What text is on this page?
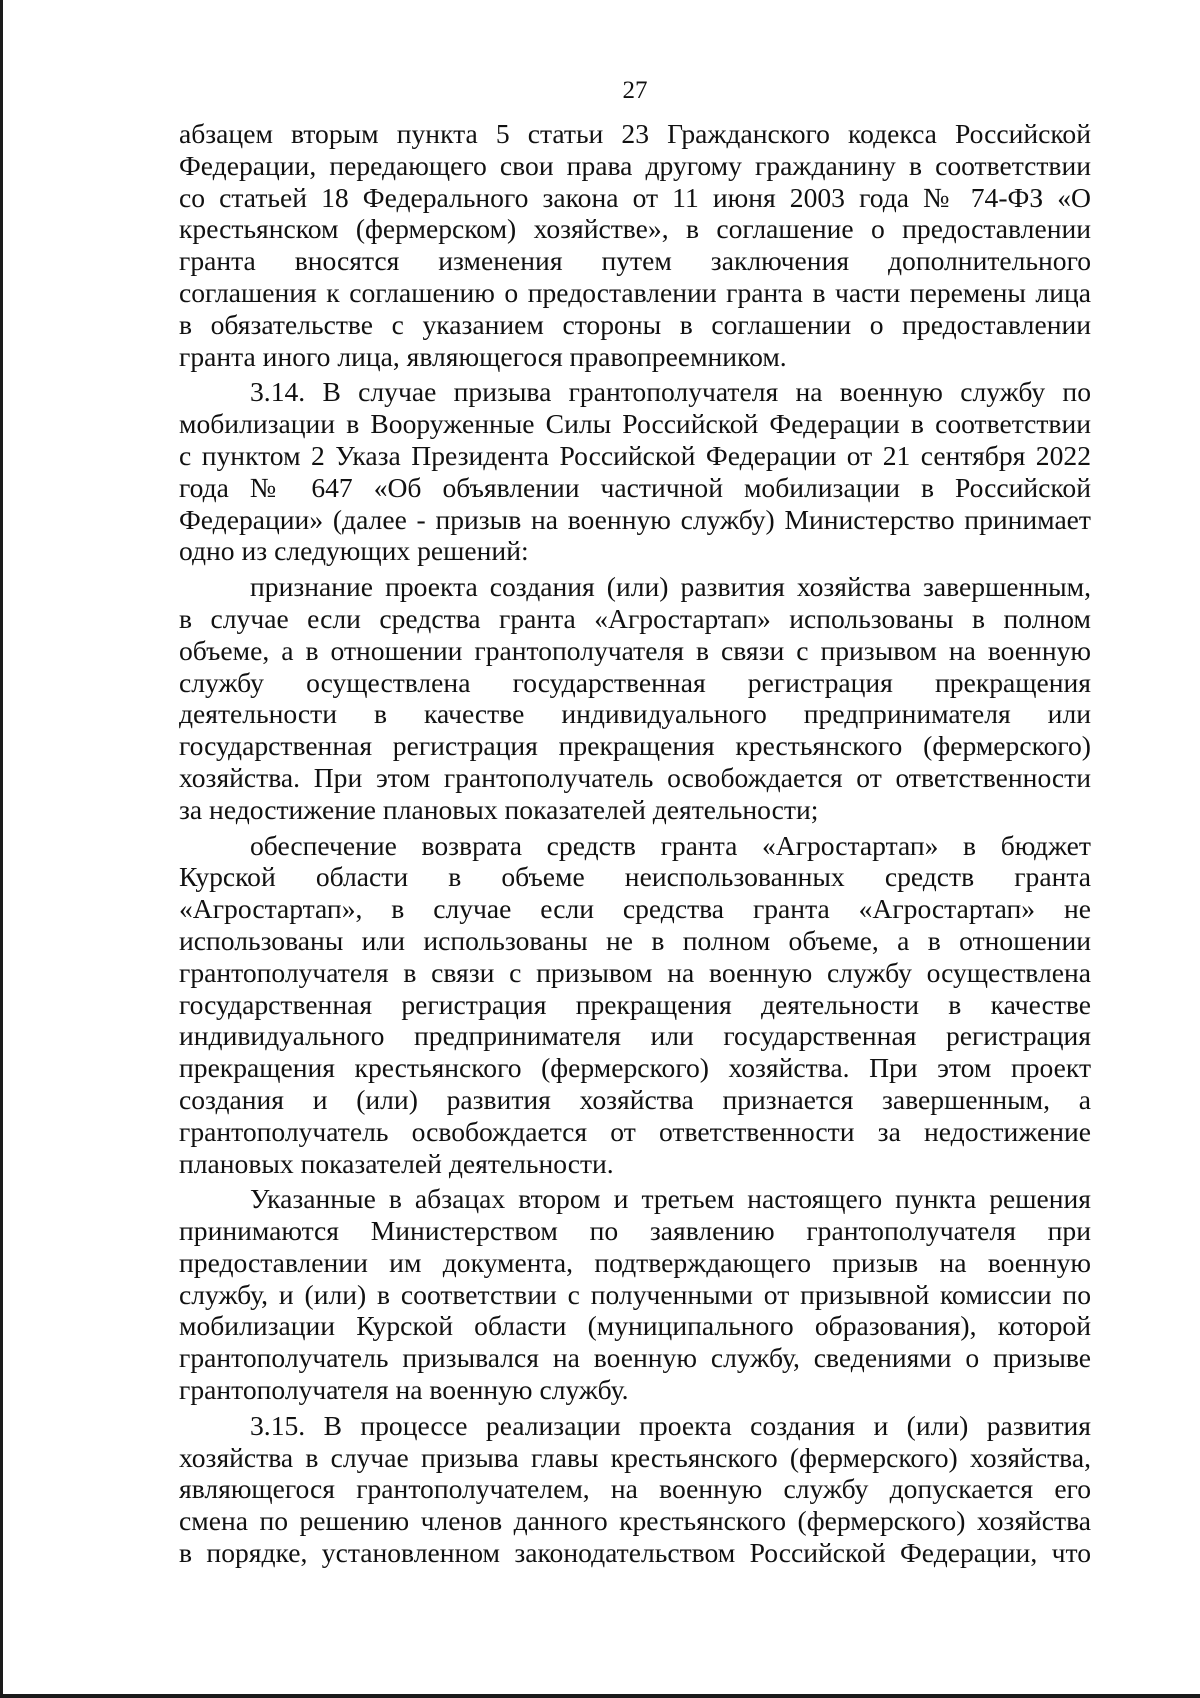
27
абзацем вторым пункта 5 статьи 23 Гражданского кодекса Российской
Федерации, передающего свои права другому гражданину в соответствии
со статьей 18 Федерального закона от 11 июня 2003 года № 74-ФЗ «О
крестьянском (фермерском) хозяйстве», в соглашение о предоставлении
гранта вносятся изменения путем заключения дополнительного
соглашения к соглашению о предоставлении гранта в части перемены лица
в обязательстве с указанием стороны в соглашении о предоставлении
гранта иного лица, являющегося правопреемником.
3.14. В случае призыва грантополучателя на военную службу по
мобилизации в Вооруженные Силы Российской Федерации в соответствии
с пунктом 2 Указа Президента Российской Федерации от 21 сентября 2022
года № 647 «Об объявлении частичной мобилизации в Российской
Федерации» (далее - призыв на военную службу) Министерство принимает
одно из следующих решений:
признание проекта создания (или) развития хозяйства завершенным,
в случае если средства гранта «Агростартап» использованы в полном
объеме, а в отношении грантополучателя в связи с призывом на военную
службу осуществлена государственная регистрация прекращения
деятельности в качестве индивидуального предпринимателя или
государственная регистрация прекращения крестьянского (фермерского)
хозяйства. При этом грантополучатель освобождается от ответственности
за недостижение плановых показателей деятельности;
обеспечение возврата средств гранта «Агростартап» в бюджет
Курской области в объеме неиспользованных средств гранта
«Агростартап», в случае если средства гранта «Агростартап» не
использованы или использованы не в полном объеме, а в отношении
грантополучателя в связи с призывом на военную службу осуществлена
государственная регистрация прекращения деятельности в качестве
индивидуального предпринимателя или государственная регистрация
прекращения крестьянского (фермерского) хозяйства. При этом проект
создания и (или) развития хозяйства признается завершенным, а
грантополучатель освобождается от ответственности за недостижение
плановых показателей деятельности.
Указанные в абзацах втором и третьем настоящего пункта решения
принимаются Министерством по заявлению грантополучателя при
предоставлении им документа, подтверждающего призыв на военную
службу, и (или) в соответствии с полученными от призывной комиссии по
мобилизации Курской области (муниципального образования), которой
грантополучатель призывался на военную службу, сведениями о призыве
грантополучателя на военную службу.
3.15. В процессе реализации проекта создания и (или) развития
хозяйства в случае призыва главы крестьянского (фермерского) хозяйства,
являющегося грантополучателем, на военную службу допускается его
смена по решению членов данного крестьянского (фермерского) хозяйства
в порядке, установленном законодательством Российской Федерации, что
